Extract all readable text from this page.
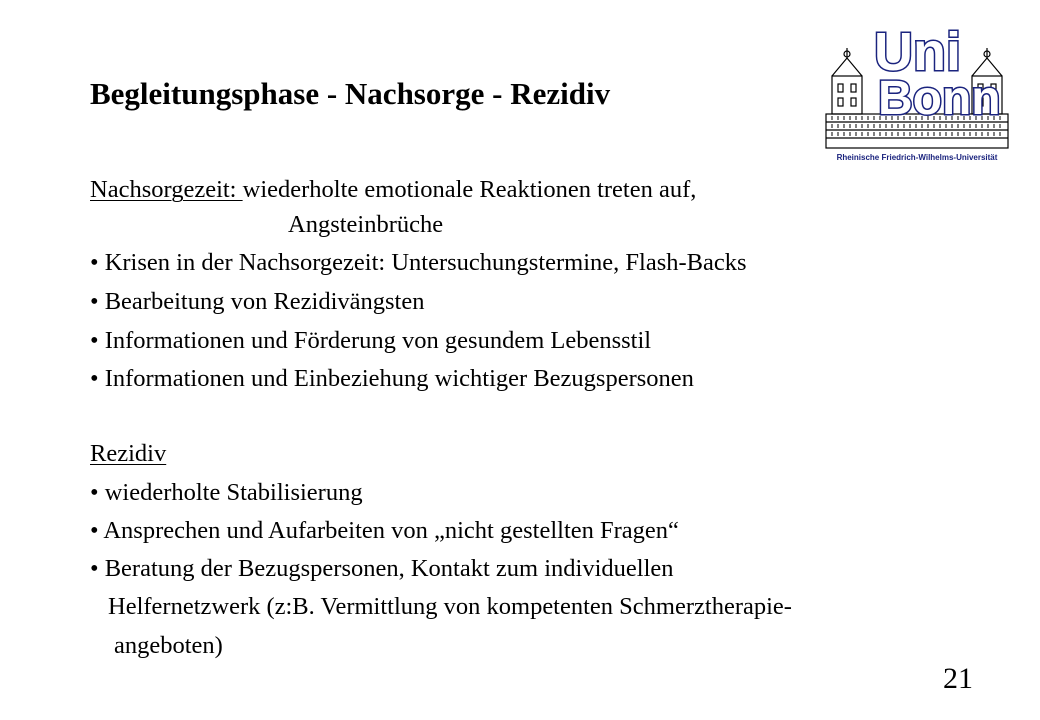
Begleitungsphase - Nachsorge - Rezidiv
Uni
Bonn
Rheinische Friedrich-Wilhelms-Universität
Nachsorgezeit: wiederholte emotionale Reaktionen treten auf,
Angsteinbrüche
• Krisen in der Nachsorgezeit: Untersuchungstermine, Flash-Backs
• Bearbeitung von Rezidivängsten
• Informationen und Förderung von gesundem Lebensstil
• Informationen und Einbeziehung wichtiger Bezugspersonen
Rezidiv
• wiederholte Stabilisierung
• Ansprechen und Aufarbeiten von „nicht gestellten Fragen“
• Beratung der Bezugspersonen, Kontakt zum individuellen
Helfernetzwerk (z:B. Vermittlung von kompetenten Schmerztherapie-
angeboten)
21
